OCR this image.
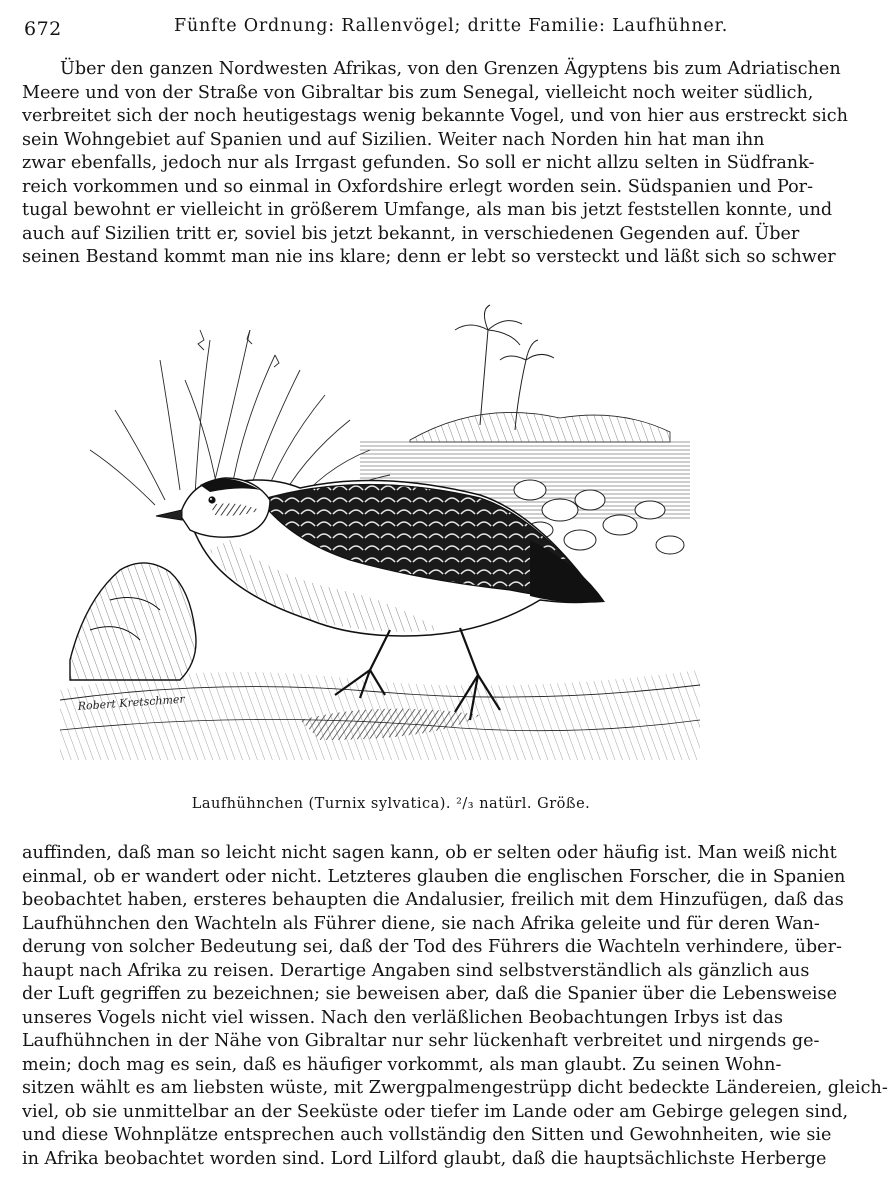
672	Fünfte Ordnung: Rallenvögel; dritte Familie: Laufhühner.
Über den ganzen Nordwesten Afrikas, von den Grenzen Ägyptens bis zum Adriatischen
Meere und von der Straße von Gibraltar bis zum Senegal, vielleicht noch weiter südlich,
verbreitet sich der noch heutigestags wenig bekannte Vogel, und von hier aus erstreckt sich
sein Wohngebiet auf Spanien und auf Sizilien. Weiter nach Norden hin hat man ihn
zwar ebenfalls, jedoch nur als Irrgast gefunden. So soll er nicht allzu selten in Südfrank-
reich vorkommen und so einmal in Oxfordshire erlegt worden sein. Südspanien und Por-
tugal bewohnt er vielleicht in größerem Umfange, als man bis jetzt feststellen konnte, und
auch auf Sizilien tritt er, soviel bis jetzt bekannt, in verschiedenen Gegenden auf. Über
seinen Bestand kommt man nie ins klare; denn er lebt so versteckt und läßt sich so schwer
Robert Kretschmer
Laufhühnchen (Turnix sylvatica). ²/₃ natürl. Größe.
auffinden, daß man so leicht nicht sagen kann, ob er selten oder häufig ist. Man weiß nicht
einmal, ob er wandert oder nicht. Letzteres glauben die englischen Forscher, die in Spanien
beobachtet haben, ersteres behaupten die Andalusier, freilich mit dem Hinzufügen, daß das
Laufhühnchen den Wachteln als Führer diene, sie nach Afrika geleite und für deren Wan-
derung von solcher Bedeutung sei, daß der Tod des Führers die Wachteln verhindere, über-
haupt nach Afrika zu reisen. Derartige Angaben sind selbstverständlich als gänzlich aus
der Luft gegriffen zu bezeichnen; sie beweisen aber, daß die Spanier über die Lebensweise
unseres Vogels nicht viel wissen. Nach den verläßlichen Beobachtungen Irbys ist das
Laufhühnchen in der Nähe von Gibraltar nur sehr lückenhaft verbreitet und nirgends ge-
mein; doch mag es sein, daß es häufiger vorkommt, als man glaubt. Zu seinen Wohn-
sitzen wählt es am liebsten wüste, mit Zwergpalmengestrüpp dicht bedeckte Ländereien, gleich-
viel, ob sie unmittelbar an der Seeküste oder tiefer im Lande oder am Gebirge gelegen sind,
und diese Wohnplätze entsprechen auch vollständig den Sitten und Gewohnheiten, wie sie
in Afrika beobachtet worden sind. Lord Lilford glaubt, daß die hauptsächlichste Herberge
